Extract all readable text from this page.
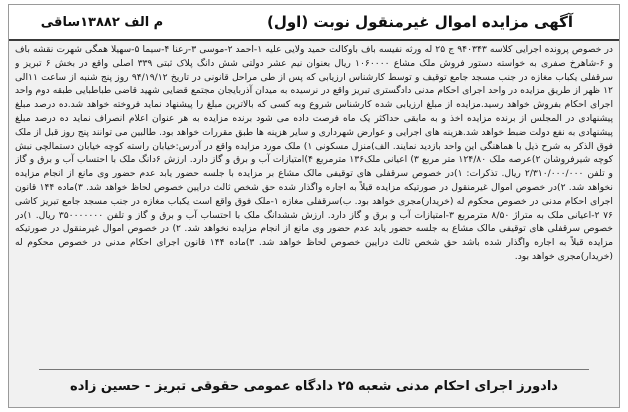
آگهی مزایده اموال غیرمنقول نوبت (اول)
م الف ۱۳۸۸۲ساقی
در خصوص پرونده اجرایی کلاسه ۹۴۰۳۴۳ ج ۲۵ له ورثه نفیسه باف باوکالت حمید ولایی علیه ۱-احمد ۲-موسی ۳-رعنا ۴-سیما ۵-سهیلا همگی شهرت نقشه باف و ۶-شاهرخ صفری به خواسته دستور فروش ملک مشاع ۱۰۶۰۰۰۰ ریال بعنوان نیم عشر دولتی شش دانگ پلاک ثبتی ۳۳۹ اصلی واقع در بخش ۶ تبریز و سرقفلی یکباب مغازه در جنب مسجد جامع توقیف و توسط کارشناس ارزیابی که پس از طی مراحل قانونی در تاریخ ۹۴/۱۹/۱۲ روز پنج شنبه از ساعت ۱۱الی ۱۲ ظهر از طریق مزایده در واحد اجرای احکام مدنی دادگستری تبریز واقع در نرسیده به میدان آذربایجان مجتمع قضایی شهید قاضی طباطبایی طبقه دوم واحد اجرای احکام بفروش خواهد رسید.مزایده از مبلغ ارزیابی شده کارشناس شروع وبه کسی که بالاترین مبلغ را پیشنهاد نماید فروخته خواهد شد.ده درصد مبلغ پیشنهادی در المجلس از برنده مزایده اخذ و به مابقی حداکثر یک ماه فرصت داده می شود برنده مزایده به هر عنوان اعلام انصراف نماید ده درصد مبلغ پیشنهادی به نفع دولت ضبط خواهد شد.هزینه های اجرایی و عوارض شهرداری و سایر هزینه ها طبق مقررات خواهد بود. طالبین می توانند پنج روز قبل از ملک فوق الذکر به شرح ذیل با هماهنگی این واحد بازدید نمایند. الف)منزل مسکونی ۱) ملک مورد مزایده واقع در آدرس:خیابان راسته کوچه خیابان دستمالچی نبش کوچه شیرفروشان ۲)عرصه ملک ۱۲۴/۸۰ متر مربع ۳) اعیانی ملک۱۳۶ مترمربع ۴)امتیازات آب و برق و گاز دارد. ارزش ۶دانگ ملک با احتساب آب و برق و گاز و تلفن ۲/۳۱۰/۰۰۰/۰۰۰ ریال. تذکرات: ۱)در خصوص سرقفلی های توقیفی مالک مشاع بر مزایده با جلسه حضور یابد عدم حضور وی مانع از انجام مزایده نخواهد شد. ۲)در خصوص اموال غیرمنقول در صورتیکه مزایده قبلاً به اجاره واگذار شده حق شخص ثالث درایین خصوص لحاظ خواهد شد. ۳)ماده ۱۴۴ قانون اجرای احکام مدنی در خصوص محکوم له (خریدار)مجری خواهد بود. ب)سرقفلی مغازه ۱-ملک فوق واقع است یکباب مغازه در جنب مسجد جامع تبریز کاشی ۷۶ ۲-اعیانی ملک به متراژ ۸/۵۰ مترمربع ۳-امتیازات آب و برق و گاز دارد. ارزش ششدانگ ملک با احتساب آب و برق و گاز و تلفن ۳۵۰۰۰۰۰۰۰ ریال. ۱)در خصوص سرقفلی های توقیفی مالک مشاع به جلسه حضور یابد عدم حضور وی مانع از انجام مزایده نخواهد شد. ۲) در خصوص اموال غیرمنقول در صورتیکه مزایده قبلاً به اجاره واگذار شده باشد حق شخص ثالث درایین خصوص لحاظ خواهد شد. ۳)ماده ۱۴۴ قانون اجرای احکام مدنی در خصوص محکوم له (خریدار)مجری خواهد بود.
دادورز اجرای احکام مدنی شعبه ۲۵ دادگاه عمومی حقوقی تبریز - حسین زاده
